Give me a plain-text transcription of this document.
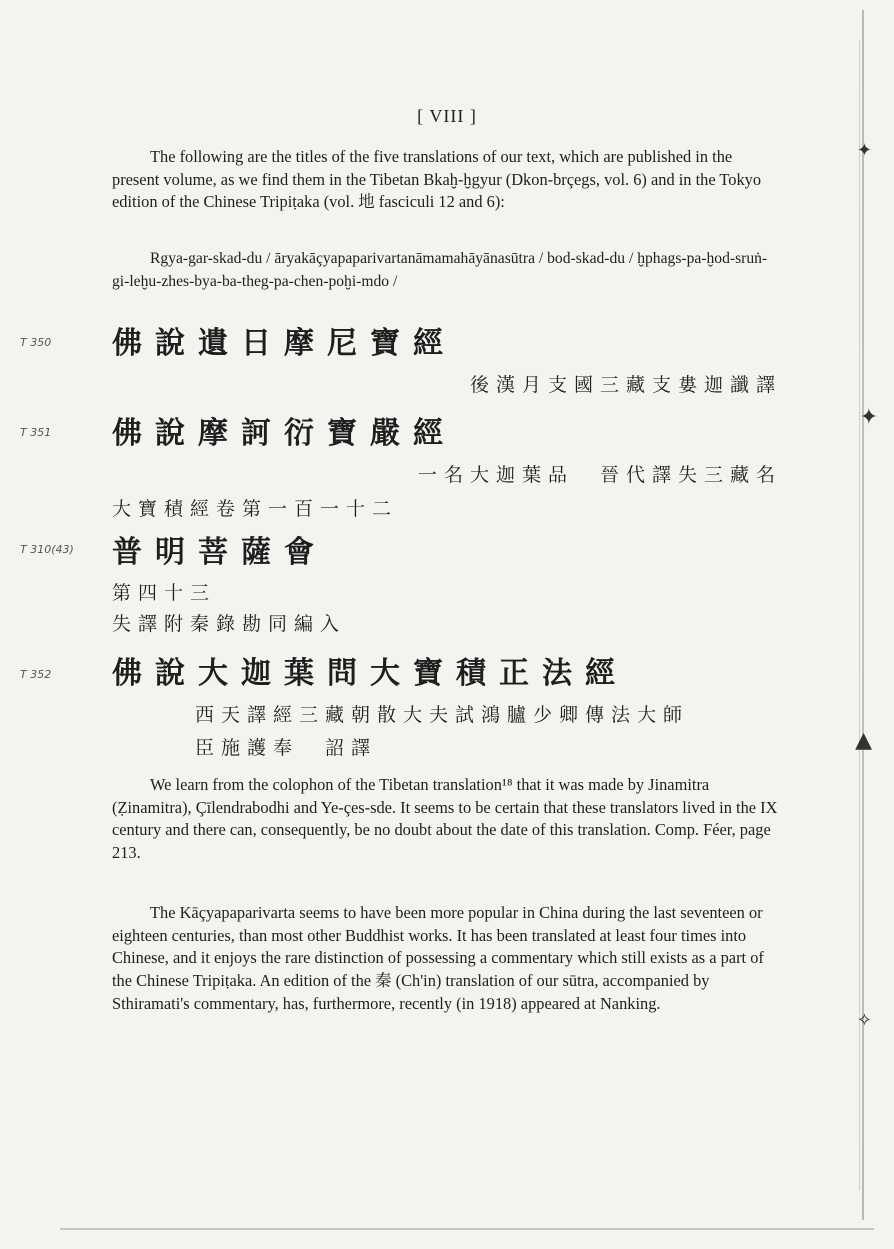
✦
✦
▲
✧
[ VIII ]
The following are the titles of the five translations of our text, which are published in the present volume, as we find them in the Tibetan Bkaḫ-ḫgyur (Dkon-brçegs, vol. 6) and in the Tokyo edition of the Chinese Tripiṭaka (vol. 地 fasciculi 12 and 6):
Rgya-gar-skad-du / āryakāçyapaparivartanāmamahāyānasūtra / bod-skad-du / ḫphags-pa-ḫod-sruṅ-gi-leḫu-zhes-bya-ba-theg-pa-chen-poḫi-mdo /
T 350 佛說遺日摩尼寶經
後漢月支國三藏支婁迦讖譯
T 351 佛說摩訶衍寶嚴經
一名大迦葉品　晉代譯失三藏名
大寶積經卷第一百一十二
T 310(43) 普明菩薩會
第四十三
失譯附秦錄勘同編入
T 352 佛說大迦葉問大寶積正法經
西天譯經三藏朝散大夫試鴻臚少卿傳法大師
臣施護奉　詔譯
We learn from the colophon of the Tibetan translation¹⁸ that it was made by Jinamitra (Ẓinamitra), Çīlendrabodhi and Ye-çes-sde. It seems to be certain that these translators lived in the IX century and there can, consequently, be no doubt about the date of this translation. Comp. Féer, page 213.
The Kāçyapaparivarta seems to have been more popular in China during the last seventeen or eighteen centuries, than most other Buddhist works. It has been translated at least four times into Chinese, and it enjoys the rare distinction of possessing a commentary which still exists as a part of the Chinese Tripiṭaka. An edition of the 秦 (Ch'in) translation of our sūtra, accompanied by Sthiramati's commentary, has, furthermore, recently (in 1918) appeared at Nanking.
